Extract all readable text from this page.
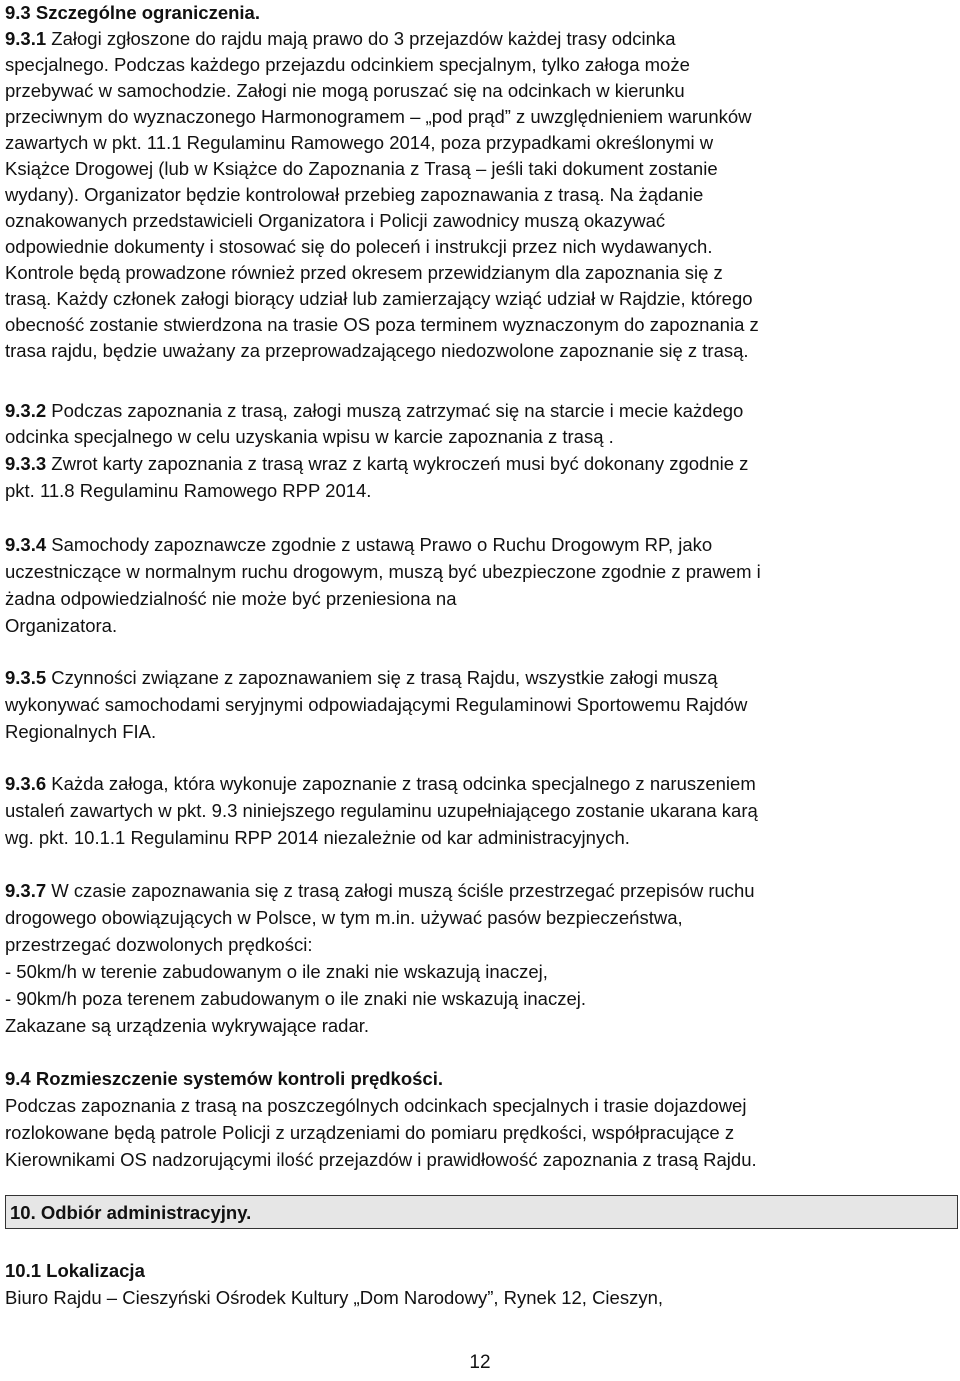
9.3 Szczególne ograniczenia.
9.3.1 Załogi zgłoszone do rajdu mają prawo do 3 przejazdów każdej trasy odcinka
specjalnego. Podczas każdego przejazdu odcinkiem specjalnym, tylko załoga może
przebywać w samochodzie. Załogi nie mogą poruszać się na odcinkach w kierunku
przeciwnym do wyznaczonego Harmonogramem – „pod prąd” z uwzględnieniem warunków
zawartych w pkt. 11.1 Regulaminu Ramowego 2014, poza przypadkami określonymi w
Książce Drogowej (lub w Książce do Zapoznania z Trasą – jeśli taki dokument zostanie
wydany). Organizator będzie kontrolował przebieg zapoznawania z trasą. Na żądanie
oznakowanych przedstawicieli Organizatora i Policji zawodnicy muszą okazywać
odpowiednie dokumenty i stosować się do poleceń i instrukcji przez nich wydawanych.
Kontrole będą prowadzone również przed okresem przewidzianym dla zapoznania się z
trasą. Każdy członek załogi biorący udział lub zamierzający wziąć udział w Rajdzie, którego
obecność zostanie stwierdzona na trasie OS poza terminem wyznaczonym do zapoznania z
trasa rajdu, będzie uważany za przeprowadzającego niedozwolone zapoznanie się z trasą.
9.3.2 Podczas zapoznania z trasą, załogi muszą zatrzymać się na starcie i mecie każdego
odcinka specjalnego w celu uzyskania wpisu w karcie zapoznania z trasą .
9.3.3 Zwrot karty zapoznania z trasą wraz z kartą wykroczeń musi być dokonany zgodnie z
pkt. 11.8 Regulaminu Ramowego RPP 2014.
9.3.4 Samochody zapoznawcze zgodnie z ustawą Prawo o Ruchu Drogowym RP, jako
uczestniczące w normalnym ruchu drogowym, muszą być ubezpieczone zgodnie z prawem i
żadna odpowiedzialność nie może być przeniesiona na
Organizatora.
9.3.5 Czynności związane z zapoznawaniem się z trasą Rajdu, wszystkie załogi muszą
wykonywać samochodami seryjnymi odpowiadającymi Regulaminowi Sportowemu Rajdów
Regionalnych FIA.
9.3.6 Każda załoga, która wykonuje zapoznanie z trasą odcinka specjalnego z naruszeniem
ustaleń zawartych w pkt. 9.3 niniejszego regulaminu uzupełniającego zostanie ukarana karą
wg. pkt. 10.1.1 Regulaminu RPP 2014 niezależnie od kar administracyjnych.
9.3.7 W czasie zapoznawania się z trasą załogi muszą ściśle przestrzegać przepisów ruchu
drogowego obowiązujących w Polsce, w tym m.in. używać pasów bezpieczeństwa,
przestrzegać dozwolonych prędkości:
- 50km/h w terenie zabudowanym o ile znaki nie wskazują inaczej,
- 90km/h poza terenem zabudowanym o ile znaki nie wskazują inaczej.
Zakazane są urządzenia wykrywające radar.
9.4 Rozmieszczenie systemów kontroli prędkości.
Podczas zapoznania z trasą na poszczególnych odcinkach specjalnych i trasie dojazdowej
rozlokowane będą patrole Policji z urządzeniami do pomiaru prędkości, współpracujące z
Kierownikami OS nadzorującymi ilość przejazdów i prawidłowość zapoznania z trasą Rajdu.
10. Odbiór administracyjny.
10.1 Lokalizacja
Biuro Rajdu – Cieszyński Ośrodek Kultury „Dom Narodowy”, Rynek 12, Cieszyn,
12
